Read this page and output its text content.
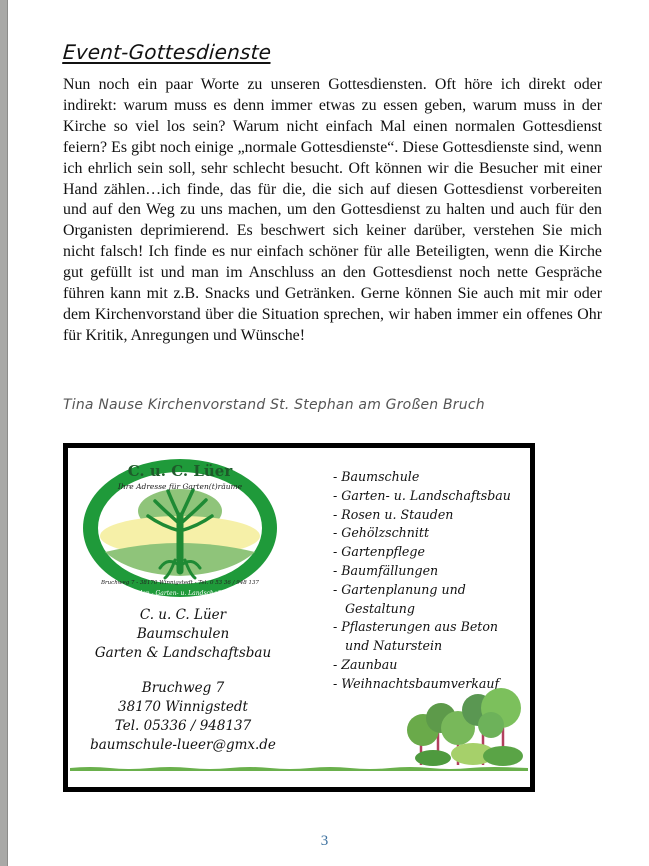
Event-Gottesdienste

Nun noch ein paar Worte zu unseren Gottesdiensten. Oft höre ich direkt oder indirekt: warum muss es denn immer etwas zu essen geben, warum muss in der Kirche so viel los sein? Warum nicht einfach Mal einen normalen Gottesdienst feiern? Es gibt noch einige „normale Gottesdienste“. Diese Gottesdienste sind, wenn ich ehrlich sein soll, sehr schlecht besucht. Oft können wir die Besucher mit einer Hand zählen…ich finde, das für die, die sich auf diesen Gottesdienst vorbereiten und auf den Weg zu uns machen, um den Gottesdienst zu halten und auch für den Organisten deprimierend. Es beschwert sich keiner darüber, verstehen Sie mich nicht falsch! Ich finde es nur einfach schöner für alle Beteiligten, wenn die Kirche gut gefüllt ist und man im Anschluss an den Gottesdienst noch nette Gespräche führen kann mit z.B. Snacks und Getränken. Gerne können Sie auch mit mir oder dem Kirchenvorstand über die Situation sprechen, wir haben immer ein offenes Ohr für Kritik, Anregungen und Wünsche!

Tina Nause Kirchenvorstand St. Stephan am Großen Bruch
C. u. C. Lüer
Ihre Adresse für Garten(t)räume
Bruchweg 7 - 38170 Winnigstedt - Tel. 0 53 36 / 948 137
Baumschulen - Garten- u. Landschaftsbau GbR
C. u. C. Lüer
Baumschulen
Garten & Landschaftsbau
Bruchweg 7
38170 Winnigstedt
Tel. 05336 / 948137
baumschule-lueer@gmx.de
- Baumschule
- Garten- u. Landschaftsbau
- Rosen u. Stauden
- Gehölzschnitt
- Gartenpflege
- Baumfällungen
- Gartenplanung und Gestaltung
- Pflasterungen aus Beton und Naturstein
- Zaunbau
- Weihnachtsbaumverkauf
3
